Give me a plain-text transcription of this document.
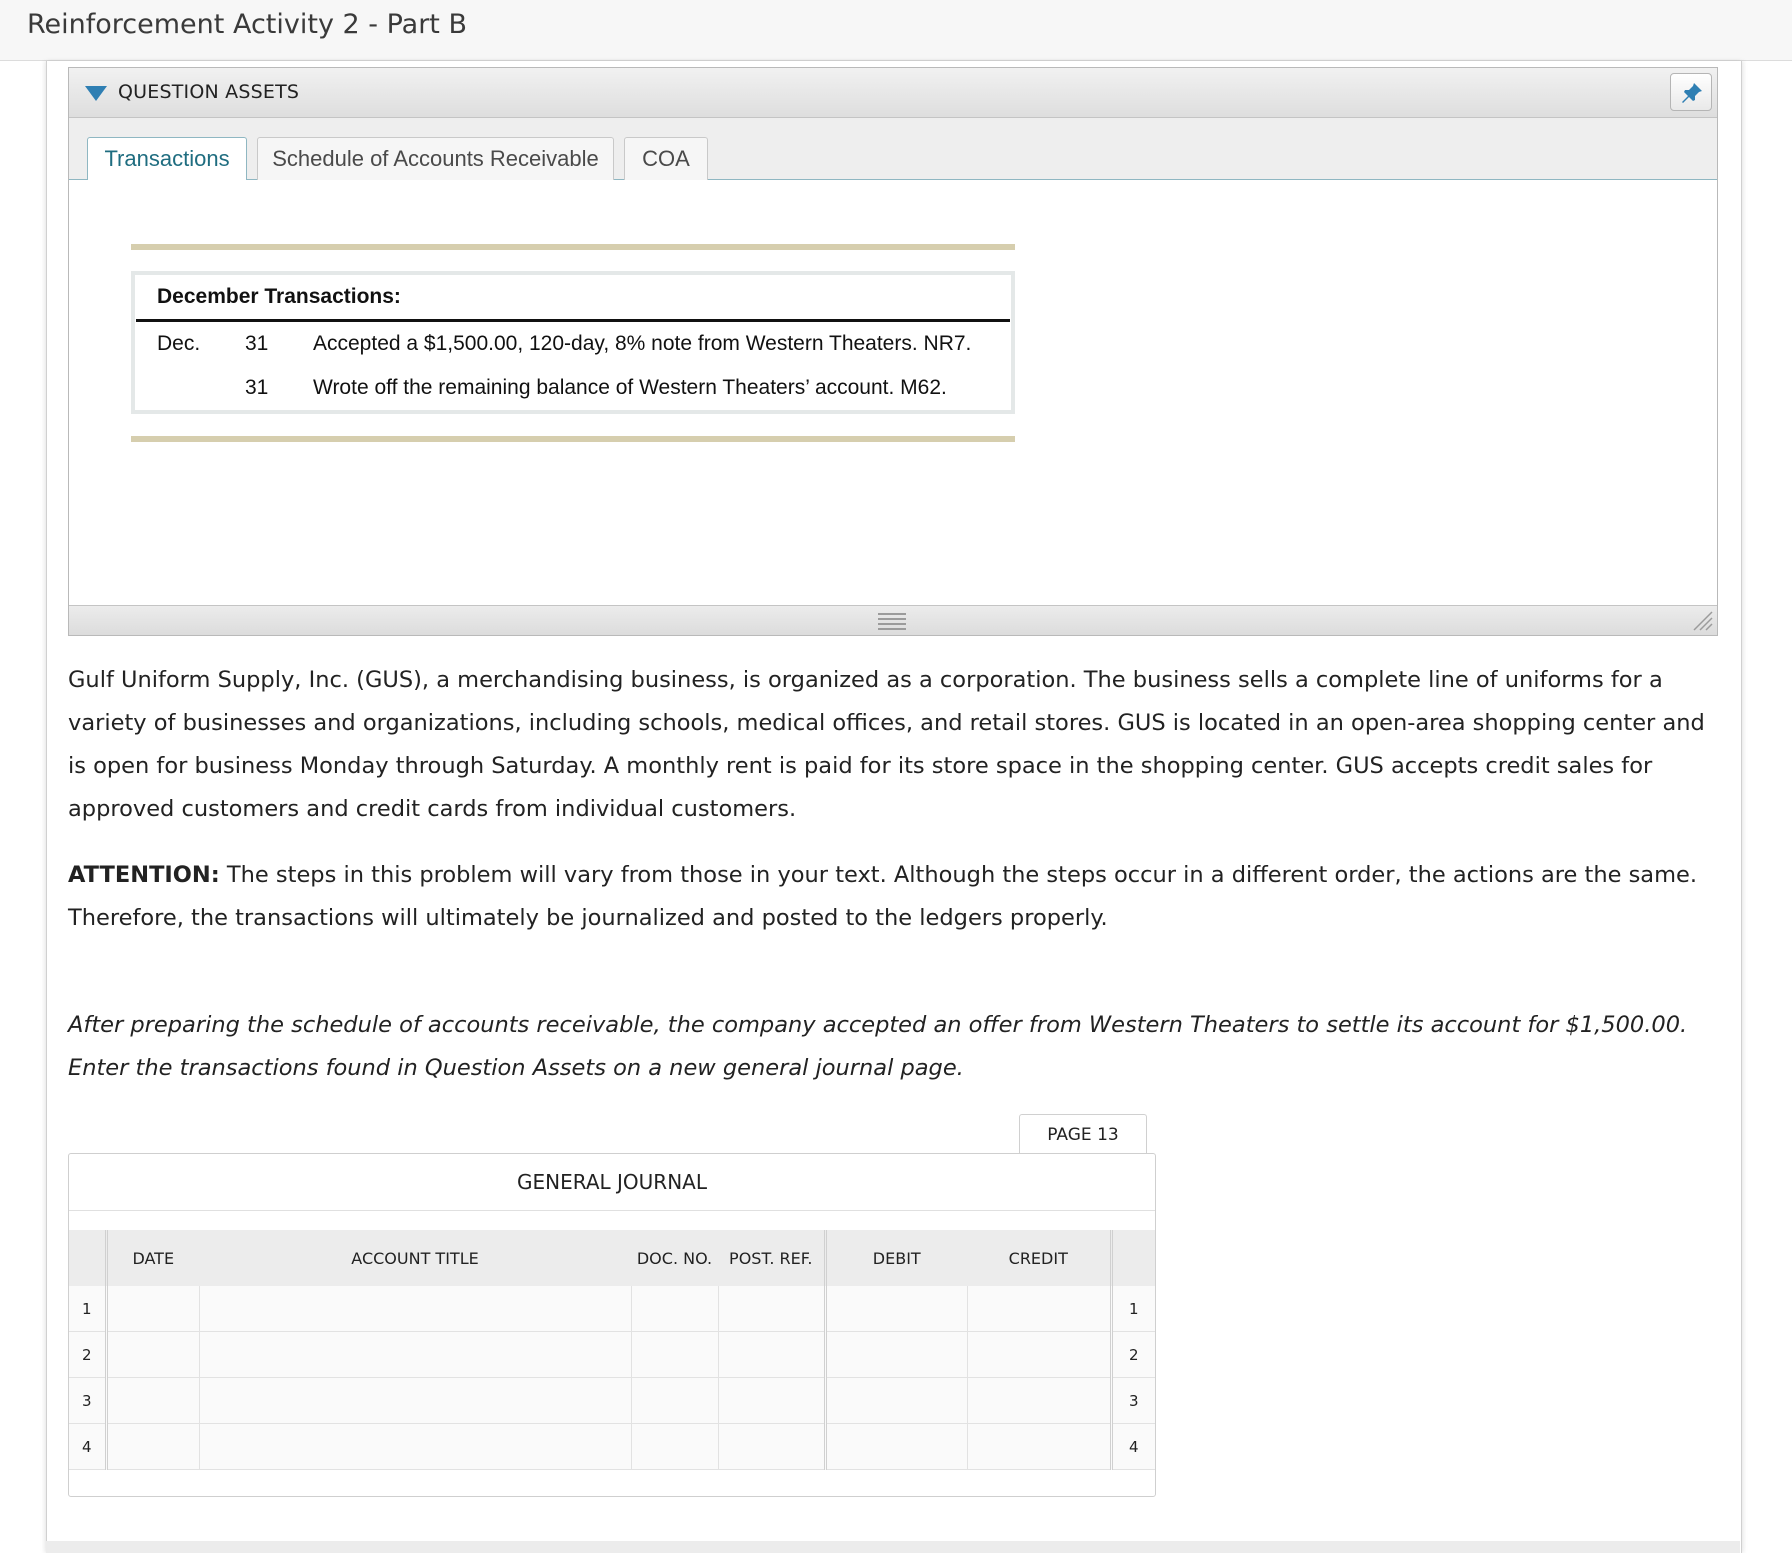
Reinforcement Activity 2 - Part B
QUESTION ASSETS
Transactions	Schedule of Accounts Receivable	COA
December Transactions:
Dec. 31 Accepted a $1,500.00, 120-day, 8% note from Western Theaters. NR7.
31 Wrote off the remaining balance of Western Theaters’ account. M62.
Gulf Uniform Supply, Inc. (GUS), a merchandising business, is organized as a corporation. The business sells a complete line of uniforms for a variety of businesses and organizations, including schools, medical offices, and retail stores. GUS is located in an open-area shopping center and is open for business Monday through Saturday. A monthly rent is paid for its store space in the shopping center. GUS accepts credit sales for approved customers and credit cards from individual customers.
ATTENTION: The steps in this problem will vary from those in your text. Although the steps occur in a different order, the actions are the same. Therefore, the transactions will ultimately be journalized and posted to the ledgers properly.
After preparing the schedule of accounts receivable, the company accepted an offer from Western Theaters to settle its account for $1,500.00. Enter the transactions found in Question Assets on a new general journal page.
PAGE 13
GENERAL JOURNAL
	DATE	ACCOUNT TITLE	DOC. NO.	POST. REF.	DEBIT	CREDIT	
1							1
2							2
3							3
4							4
